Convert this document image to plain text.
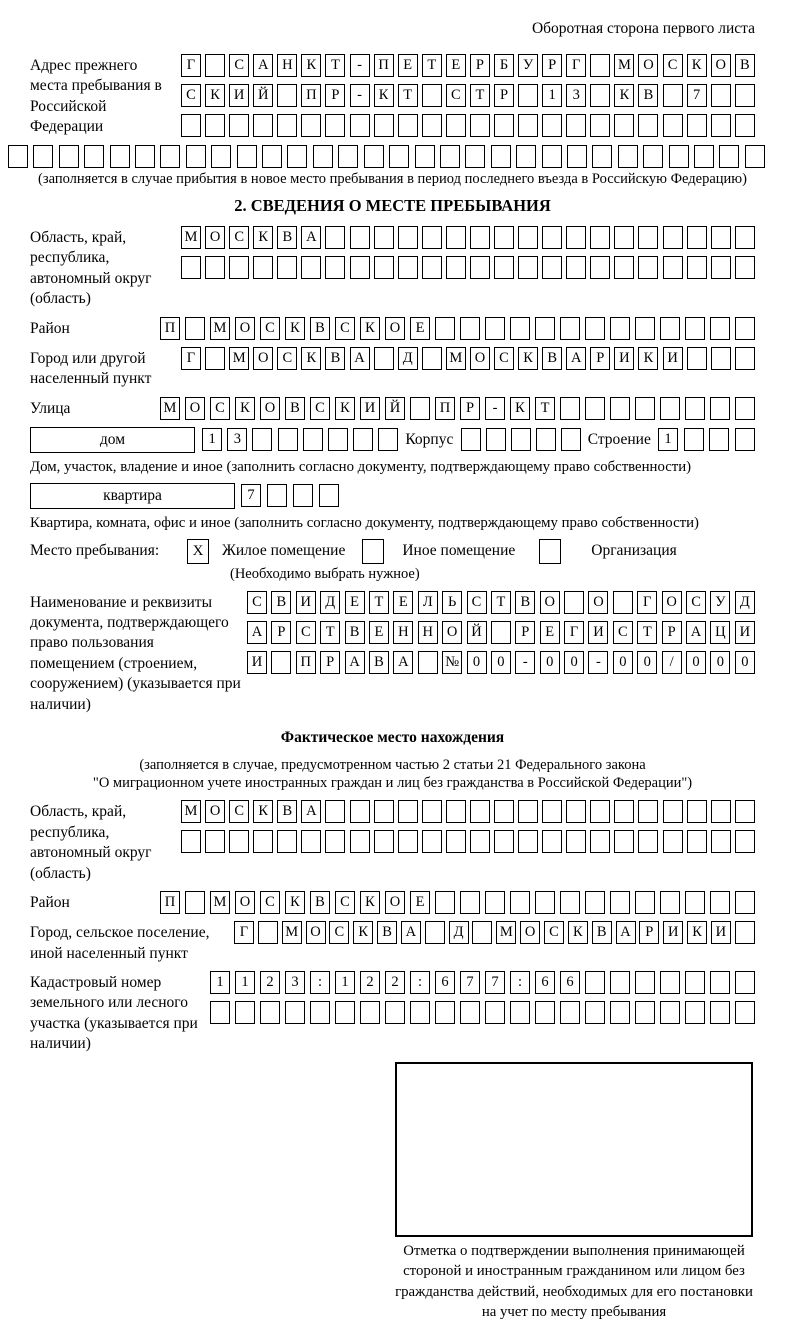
Оборотная сторона первого листа
Адрес прежнего места пребывания в Российской Федерации
Г	С А Н К	Т	-	П Е	Т	Е	Р	Б	У	Р	Г	М О С К О В
С К И Й	П	Р	-	К	Т	С	Т	Р	1	3	К В	7
(заполняется в случае прибытия в новое место пребывания в период последнего въезда в Российскую Федерацию)
2. СВЕДЕНИЯ О МЕСТЕ ПРЕБЫВАНИЯ
Область, край, республика, автономный округ (область)
М О С К В А
Район	П	М О	С	К	В	С	К	О	Е
Город или другой населенный пункт
Г	М О С К В А	Д	М О С К В А	Р	И К И
Улица	М О	С	К	О	В	С	К	И	Й	П	Р	-	К	Т
дом	1	3	Корпус	Строение 1
Дом, участок, владение и иное (заполнить согласно документу, подтверждающему право собственности)
квартира	7
Квартира, комната, офис и иное (заполнить согласно документу, подтверждающему право собственности)
Место пребывания:	X	Жилое помещение	Иное помещение	Организация
(Необходимо выбрать нужное)
Наименование и реквизиты документа, подтверждающего право пользования помещением (строением, сооружением) (указывается при наличии)
С	В И Д	Е	Т	Е	Л	Ь	С	Т	В О	О	Г	О С У Д
А	Р	С	Т	В	Е	Н Н О Й	Р	Е	Г	И С	Т	Р	А Ц И
И	П	Р	А В А	№ 0	0	-	0	0	-	0	0	/	0	0	0
Фактическое место нахождения
(заполняется в случае, предусмотренном частью 2 статьи 21 Федерального закона
"О миграционном учете иностранных граждан и лиц без гражданства в Российской Федерации")
Область, край, республика, автономный округ (область)
М О С К В А
Район	П	М О	С	К	В	С	К	О	Е
Город, сельское поселение, иной населенный пункт
Г	М О С К В А	Д	М О С К В А	Р	И К И
Кадастровый номер земельного или лесного участка (указывается при наличии)
1	1	2	3	:	1	2	2	:	6	7	7	:	6	6
Отметка о подтверждении выполнения принимающей стороной и иностранным гражданином или лицом без гражданства действий, необходимых для его постановки на учет по месту пребывания
